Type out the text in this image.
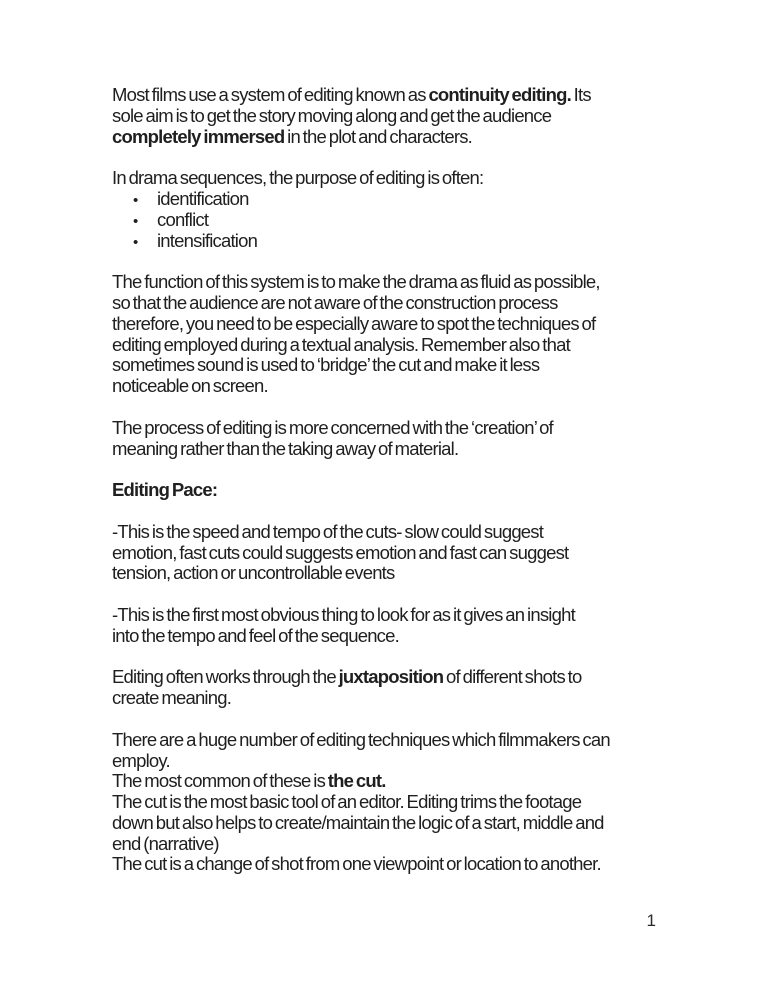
Most films use a system of editing known as continuity editing. Its
sole aim is to get the story moving along and get the audience
completely immersed in the plot and characters.

In drama sequences, the purpose of editing is often:
•	identification
•	conflict
•	intensification

The function of this system is to make the drama as fluid as possible,
so that the audience are not aware of the construction process
therefore, you need to be especially aware to spot the techniques of
editing employed during a textual analysis. Remember also that
sometimes sound is used to ‘bridge’ the cut and make it less
noticeable on screen.

The process of editing is more concerned with the ‘creation’ of
meaning rather than the taking away of material.

Editing Pace:

-This is the speed and tempo of the cuts- slow could suggest
emotion, fast cuts could suggests emotion and fast can suggest
tension, action or uncontrollable events

-This is the first most obvious thing to look for as it gives an insight
into the tempo and feel of the sequence.

Editing often works through the juxtaposition of different shots to
create meaning.

There are a huge number of editing techniques which filmmakers can
employ.
The most common of these is the cut.
The cut is the most basic tool of an editor. Editing trims the footage
down but also helps to create/maintain the logic of a start, middle and
end (narrative)
The cut is a change of shot from one viewpoint or location to another.
1
